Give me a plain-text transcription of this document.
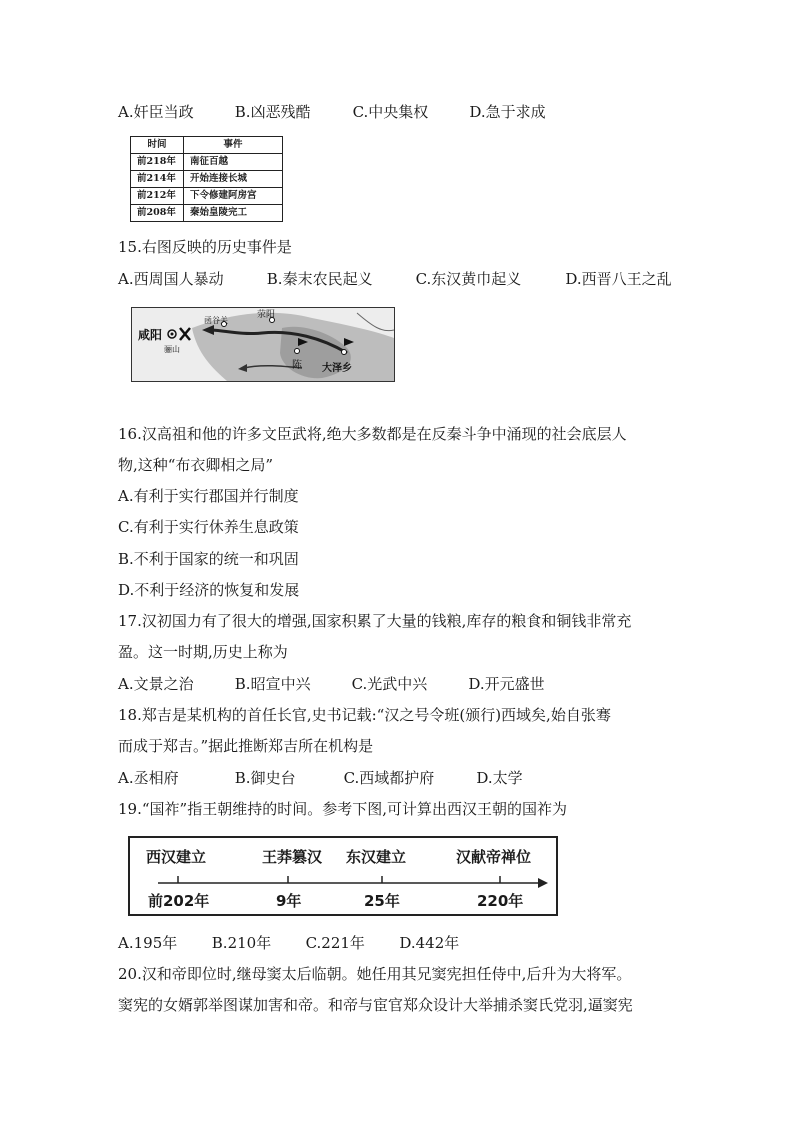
A.奸臣当政	B.凶恶残酷	C.中央集权	D.急于求成
时间	事件
前218年	南征百越
前214年	开始连接长城
前212年	下令修建阿房宫
前208年	秦始皇陵完工
15.右图反映的历史事件是
A.西周国人暴动	B.秦末农民起义	C.东汉黄巾起义	D.西晋八王之乱
咸阳
骊山
函谷关
荥阳
陈 大泽乡
16.汉高祖和他的许多文臣武将,绝大多数都是在反秦斗争中涌现的社会底层人
物,这种“布衣卿相之局”
A.有利于实行郡国并行制度
C.有利于实行休养生息政策
B.不利于国家的统一和巩固
D.不利于经济的恢复和发展
17.汉初国力有了很大的增强,国家积累了大量的钱粮,库存的粮食和铜钱非常充
盈。这一时期,历史上称为
A.文景之治	B.昭宣中兴	C.光武中兴	D.开元盛世
18.郑吉是某机构的首任长官,史书记载:“汉之号令班(颁行)西域矣,始自张骞
而成于郑吉。”据此推断郑吉所在机构是
A.丞相府	B.御史台	C.西域都护府	D.太学
19.“国祚”指王朝维持的时间。参考下图,可计算出西汉王朝的国祚为
西汉建立	王莽篡汉 东汉建立	汉献帝禅位
前202年	9年	25年	220年
A.195年 B.210年 C.221年 D.442年
20.汉和帝即位时,继母窦太后临朝。她任用其兄窦宪担任侍中,后升为大将军。
窦宪的女婿郭举图谋加害和帝。和帝与宦官郑众设计大举捕杀窦氏党羽,逼窦宪
